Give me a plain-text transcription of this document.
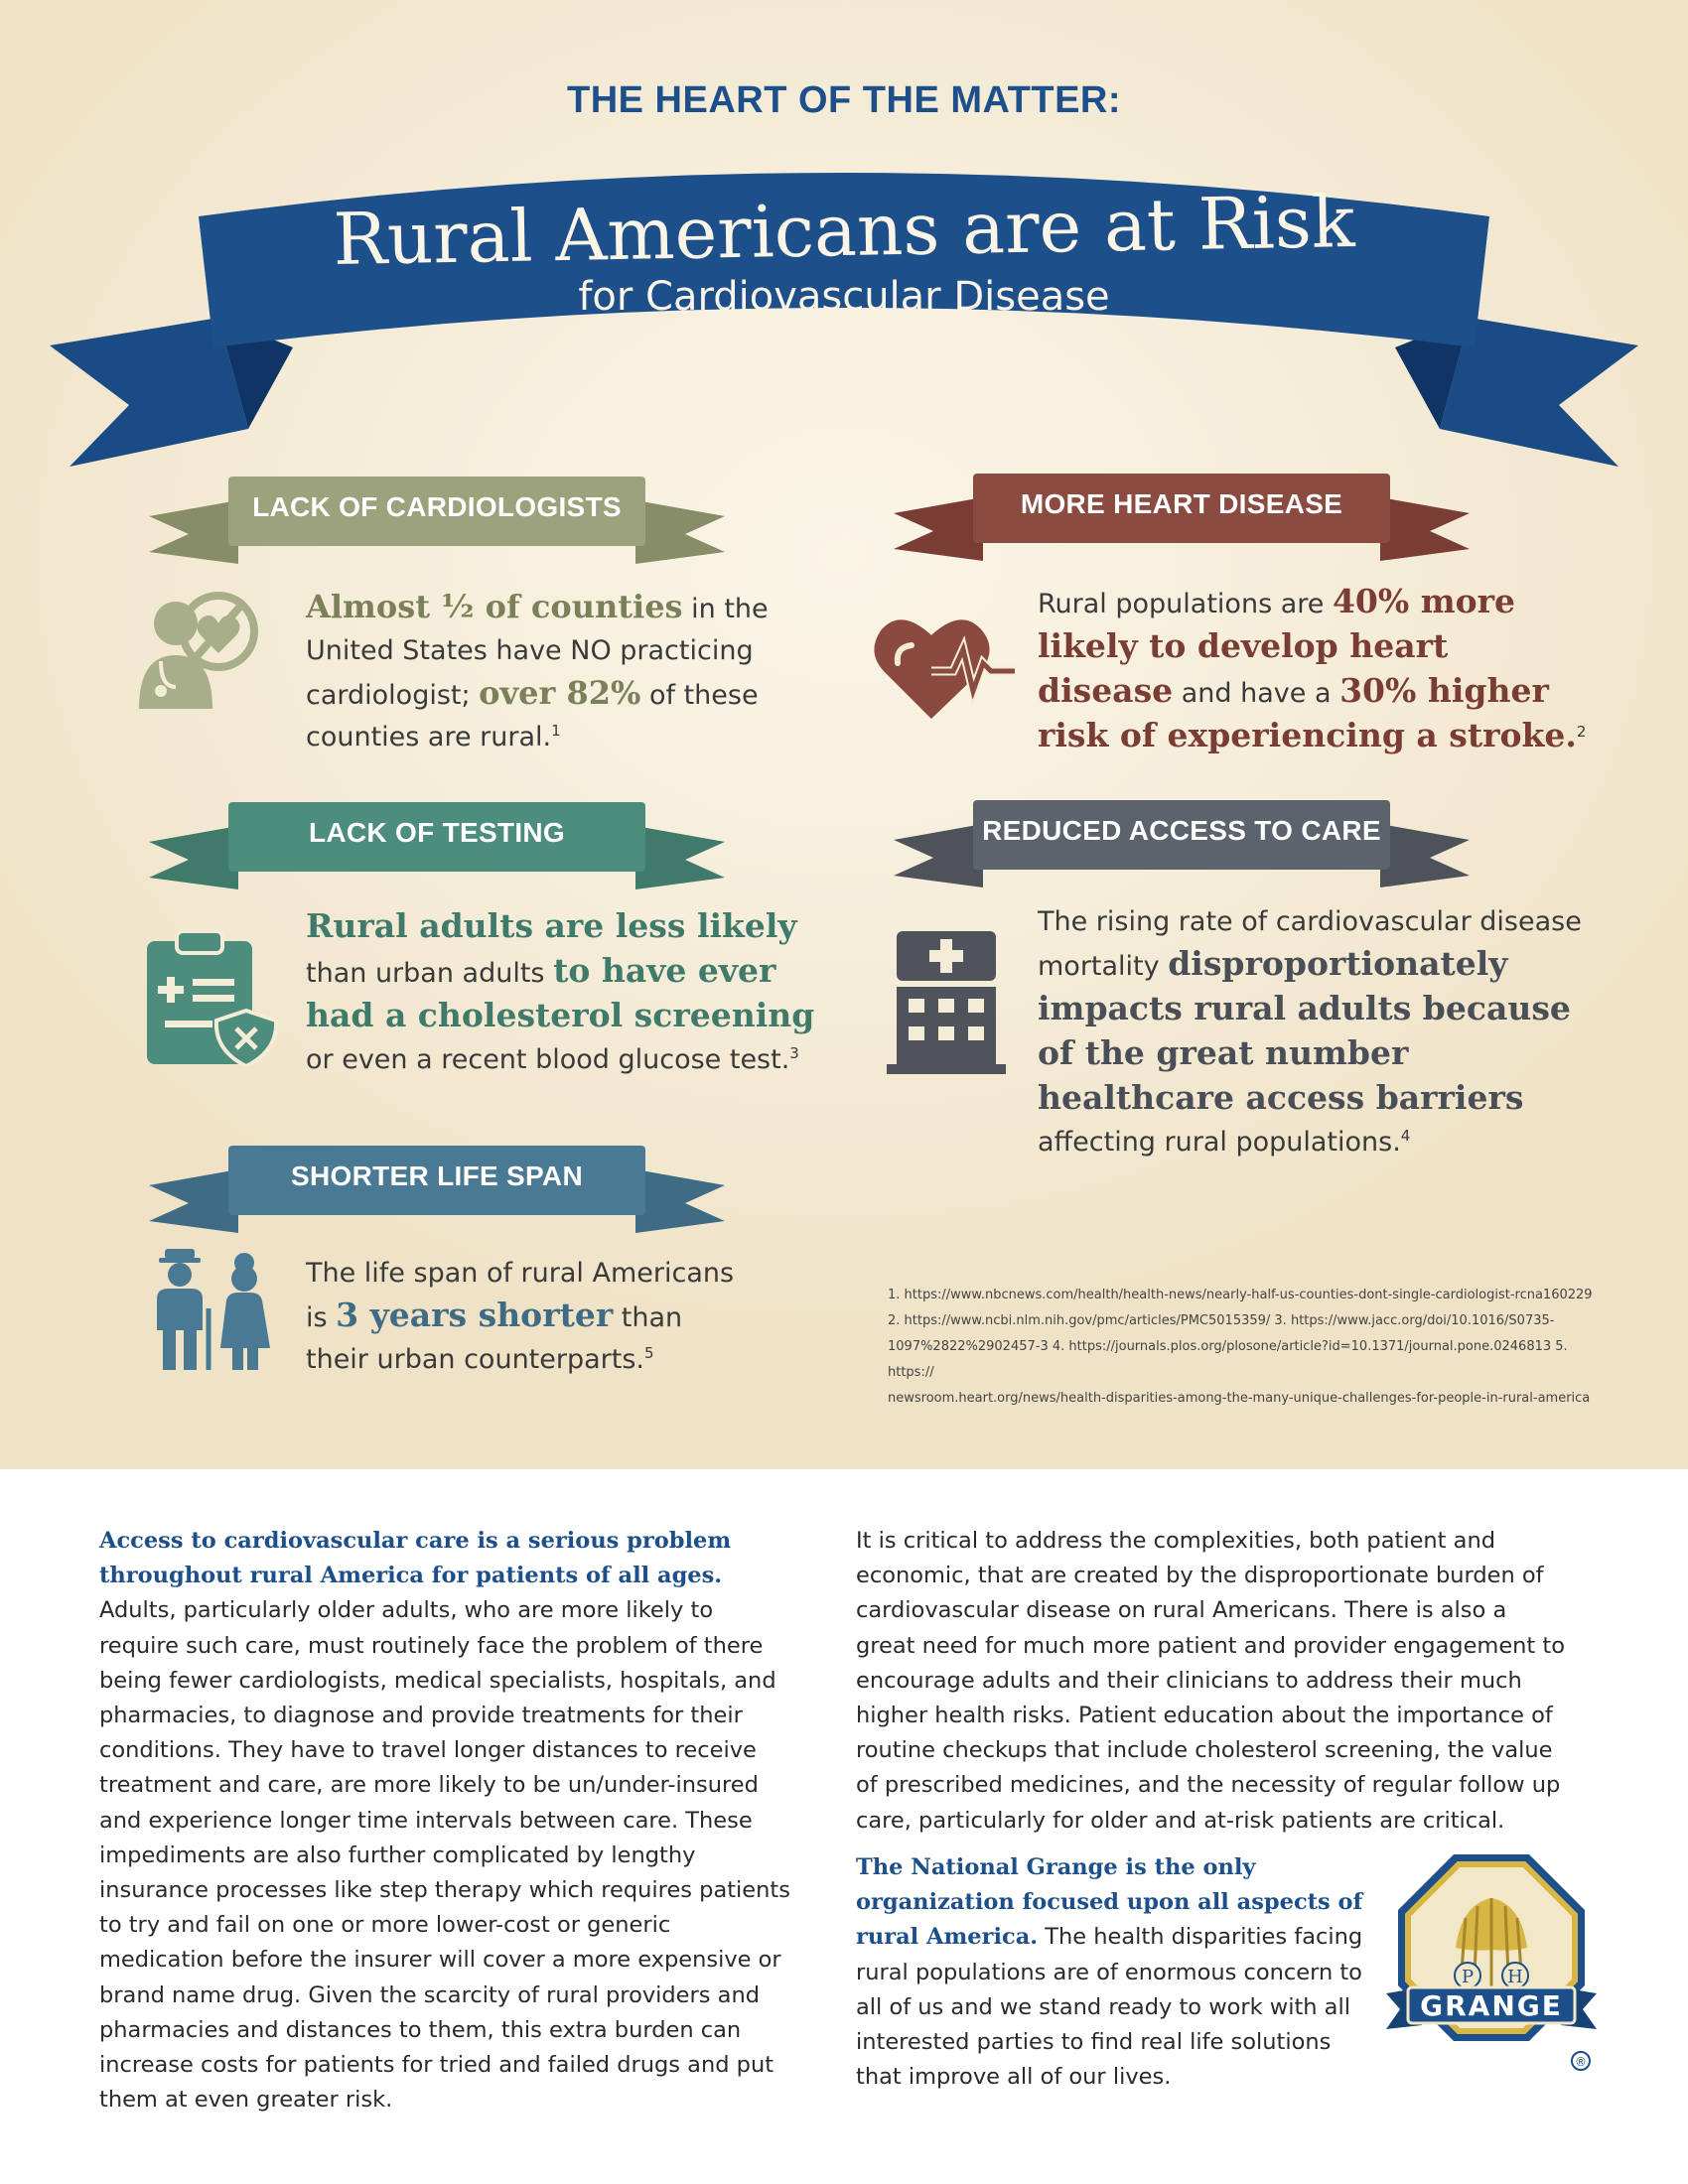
THE HEART OF THE MATTER:
Rural Americans are at Risk
for Cardiovascular Disease
LACK OF CARDIOLOGISTS
Almost ½ of counties in the United States have NO practicing cardiologist; over 82% of these counties are rural.$^1$
MORE HEART DISEASE
Rural populations are 40% more likely to develop heart disease and have a 30% higher risk of experiencing a stroke.$^2$
LACK OF TESTING
Rural adults are less likely than urban adults to have ever had a cholesterol screening or even a recent blood glucose test.$^3$
REDUCED ACCESS TO CARE
The rising rate of cardiovascular disease mortality disproportionately impacts rural adults because of the great number healthcare access barriers affecting rural populations.$^4$
SHORTER LIFE SPAN
The life span of rural Americans is 3 years shorter than their urban counterparts.$^5$
1. https://www.nbcnews.com/health/health-news/nearly-half-us-counties-dont-single-cardiologist-rcna160229
2. https://www.ncbi.nlm.nih.gov/pmc/articles/PMC5015359/ 3. https://www.jacc.org/doi/10.1016/S0735-
1097%2822%2902457-3 4. https://journals.plos.org/plosone/article?id=10.1371/journal.pone.0246813 5. https://
newsroom.heart.org/news/health-disparities-among-the-many-unique-challenges-for-people-in-rural-america
Access to cardiovascular care is a serious problem throughout rural America for patients of all ages. Adults, particularly older adults, who are more likely to require such care, must routinely face the problem of there being fewer cardiologists, medical specialists, hospitals, and pharmacies, to diagnose and provide treatments for their conditions. They have to travel longer distances to receive treatment and care, are more likely to be un/under-insured and experience longer time intervals between care. These impediments are also further complicated by lengthy insurance processes like step therapy which requires patients to try and fail on one or more lower-cost or generic medication before the insurer will cover a more expensive or brand name drug. Given the scarcity of rural providers and pharmacies and distances to them, this extra burden can increase costs for patients for tried and failed drugs and put them at even greater risk.
It is critical to address the complexities, both patient and economic, that are created by the disproportionate burden of cardiovascular disease on rural Americans. There is also a great need for much more patient and provider engagement to encourage adults and their clinicians to address their much higher health risks. Patient education about the importance of routine checkups that include cholesterol screening, the value of prescribed medicines, and the necessity of regular follow up care, particularly for older and at-risk patients are critical.
The National Grange is the only organization focused upon all aspects of rural America. The health disparities facing rural populations are of enormous concern to all of us and we stand ready to work with all interested parties to find real life solutions that improve all of our lives.
P H
GRANGE
®
